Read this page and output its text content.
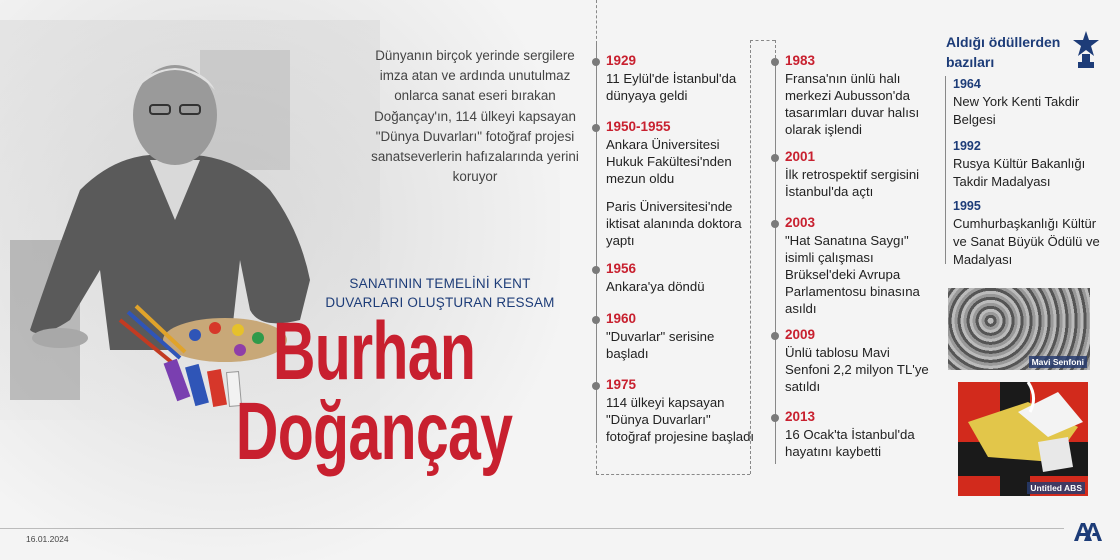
Dünyanın birçok yerinde sergilere imza atan ve ardında unutulmaz onlarca sanat eseri bırakan Doğançay'ın, 114 ülkeyi kapsayan "Dünya Duvarları" fotoğraf projesi sanatseverlerin hafızalarında yerini koruyor
SANATININ TEMELİNİ KENT
DUVARLARI OLUŞTURAN RESSAM
Burhan
Doğançay
1929
11 Eylül'de İstanbul'da dünyaya geldi
1950-1955
Ankara Üniversitesi Hukuk Fakültesi'nden mezun oldu
Paris Üniversitesi'nde iktisat alanında doktora yaptı
1956
Ankara'ya döndü
1960
"Duvarlar" serisine başladı
1975
114 ülkeyi kapsayan "Dünya Duvarları" fotoğraf projesine başladı
1983
Fransa'nın ünlü halı merkezi Aubusson'da tasarımları duvar halısı olarak işlendi
2001
İlk retrospektif sergisini İstanbul'da açtı
2003
"Hat Sanatına Saygı" isimli çalışması Brüksel'deki Avrupa Parlamentosu binasına asıldı
2009
Ünlü tablosu Mavi Senfoni 2,2 milyon TL'ye satıldı
2013
16 Ocak'ta İstanbul'da hayatını kaybetti
Aldığı ödüllerden bazıları
1964
New York Kenti Takdir Belgesi
1992
Rusya Kültür Bakanlığı Takdir Madalyası
1995
Cumhurbaşkanlığı Kültür ve Sanat Büyük Ödülü ve Madalyası
Mavi Senfoni
Untitled ABS
16.01.2024
